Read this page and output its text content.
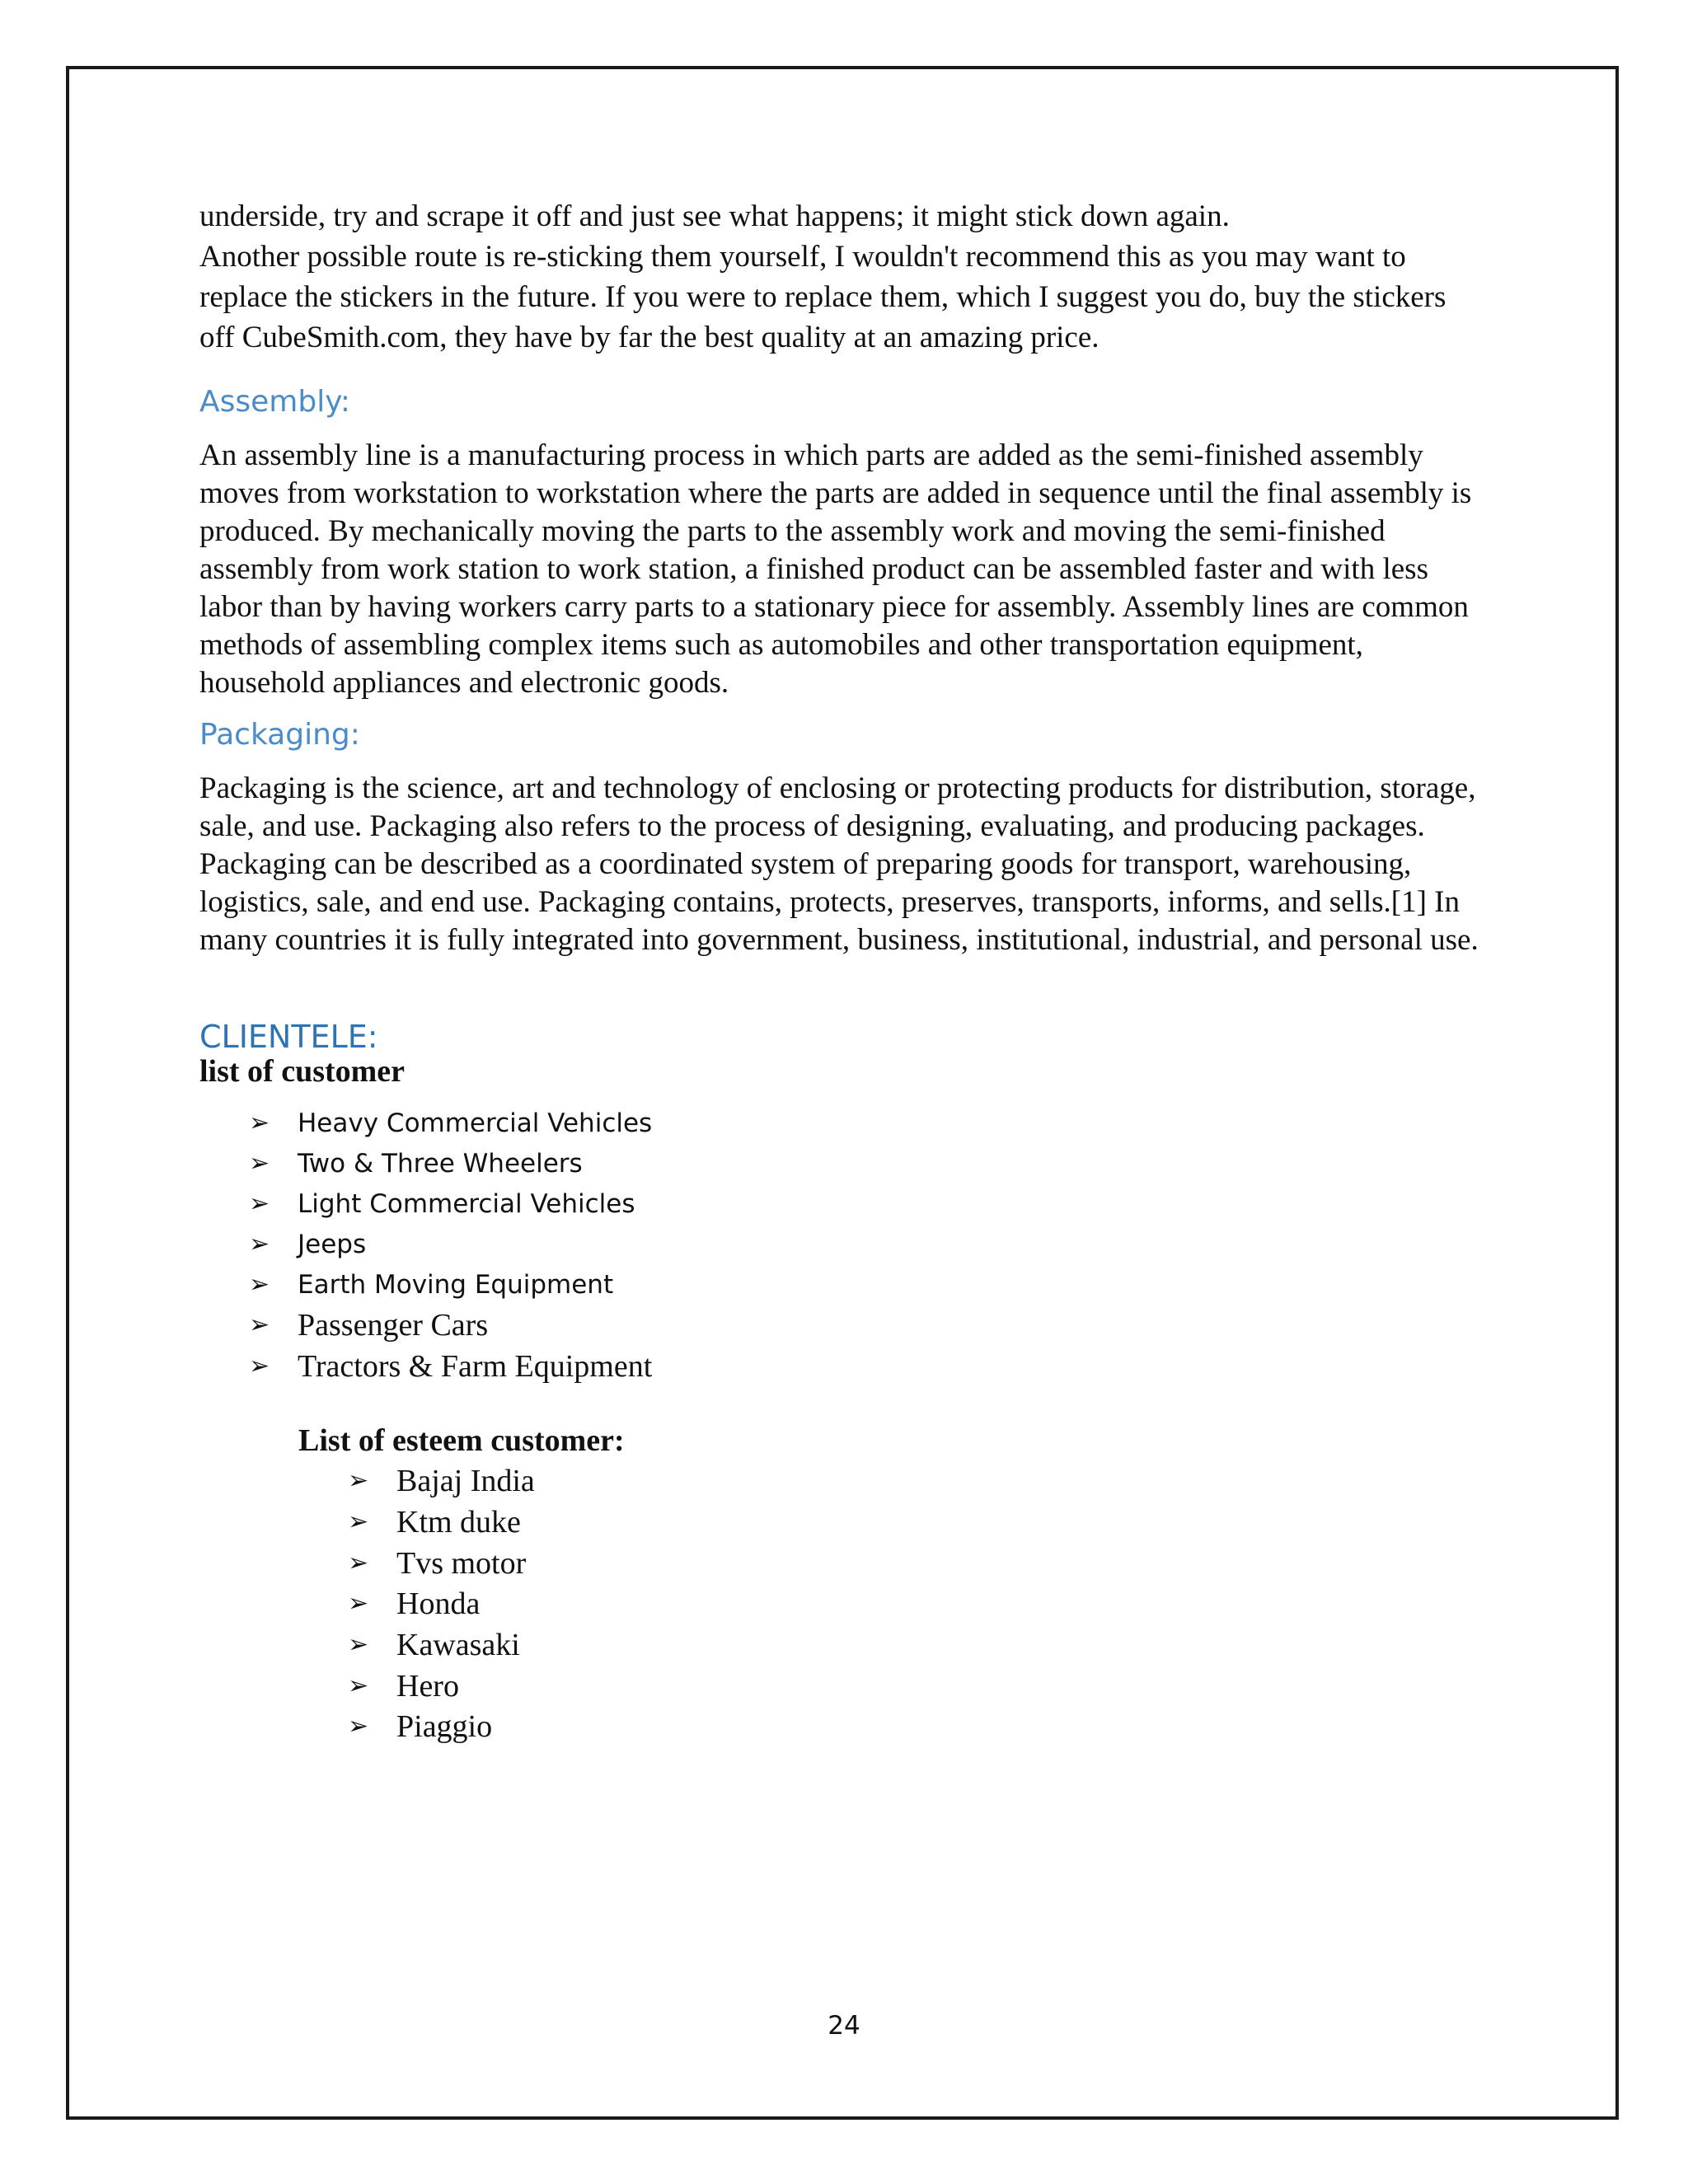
underside, try and scrape it off and just see what happens; it might stick down again.

Another possible route is re-sticking them yourself, I wouldn't recommend this as you may want to replace the stickers in the future. If you were to replace them, which I suggest you do, buy the stickers off CubeSmith.com, they have by far the best quality at an amazing price.

Assembly:

An assembly line is a manufacturing process in which parts are added as the semi-finished assembly moves from workstation to workstation where the parts are added in sequence until the final assembly is produced. By mechanically moving the parts to the assembly work and moving the semi-finished assembly from work station to work station, a finished product can be assembled faster and with less labor than by having workers carry parts to a stationary piece for assembly. Assembly lines are common methods of assembling complex items such as automobiles and other transportation equipment, household appliances and electronic goods.

Packaging:

Packaging is the science, art and technology of enclosing or protecting products for distribution, storage, sale, and use. Packaging also refers to the process of designing, evaluating, and producing packages. Packaging can be described as a coordinated system of preparing goods for transport, warehousing, logistics, sale, and end use. Packaging contains, protects, preserves, transports, informs, and sells.[1] In many countries it is fully integrated into government, business, institutional, industrial, and personal use.

CLIENTELE:

list of customer

➢ Heavy Commercial Vehicles
➢ Two & Three Wheelers
➢ Light Commercial Vehicles
➢ Jeeps
➢ Earth Moving Equipment
➢ Passenger Cars
➢ Tractors & Farm Equipment

List of esteem customer:

➢ Bajaj India
➢ Ktm duke
➢ Tvs motor
➢ Honda
➢ Kawasaki
➢ Hero
➢ Piaggio
24
